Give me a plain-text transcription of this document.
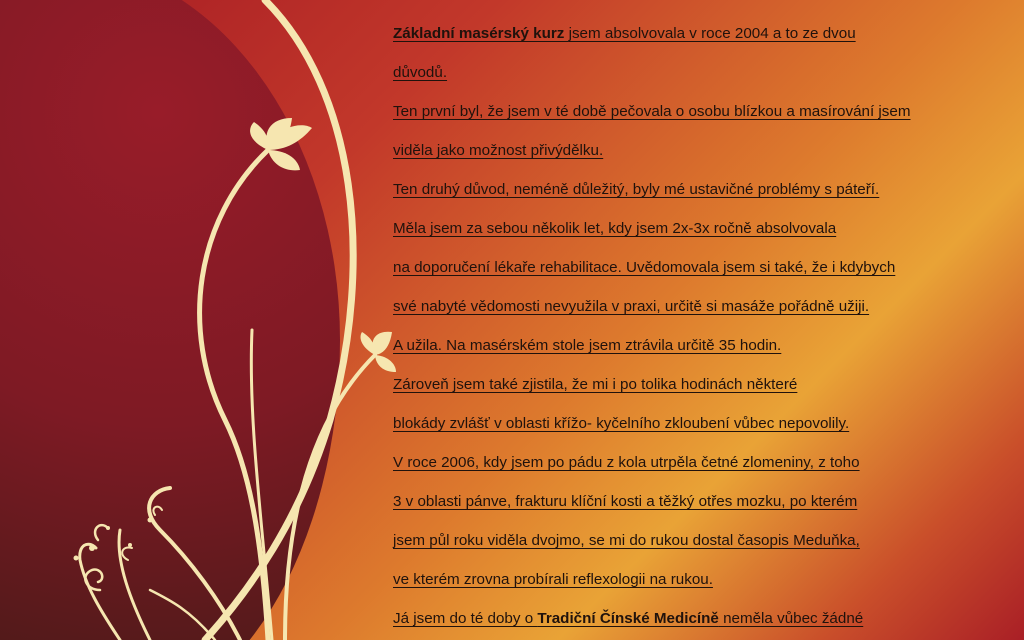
Základní masérský kurz jsem absolvovala v roce 2004 a to ze dvou
důvodů.
Ten první byl, že jsem v té době pečovala o osobu blízkou a masírování jsem
viděla jako možnost přivýdělku.
Ten druhý důvod, neméně důležitý, byly mé ustavičné problémy s páteří.
Měla jsem za sebou několik let, kdy jsem 2x-3x ročně absolvovala
na doporučení lékaře rehabilitace. Uvědomovala jsem si také, že i kdybych
své nabyté vědomosti nevyužila v praxi, určitě si masáže pořádně užiji.
A užila. Na masérském stole jsem ztrávila určitě 35 hodin.
Zároveň jsem také zjistila, že mi i po tolika hodinách některé
blokády zvlášť v oblasti křížo- kyčelního zkloubení vůbec nepovolily.
V roce 2006, kdy jsem po pádu z kola utrpěla četné zlomeniny, z toho
3 v oblasti pánve, frakturu klíční kosti a těžký otřes mozku, po kterém
jsem půl roku viděla dvojmo, se mi do rukou dostal časopis Meduňka,
ve kterém zrovna probírali reflexologii na rukou.
Já jsem do té doby o Tradiční Čínské Medicíně neměla vůbec žádné
